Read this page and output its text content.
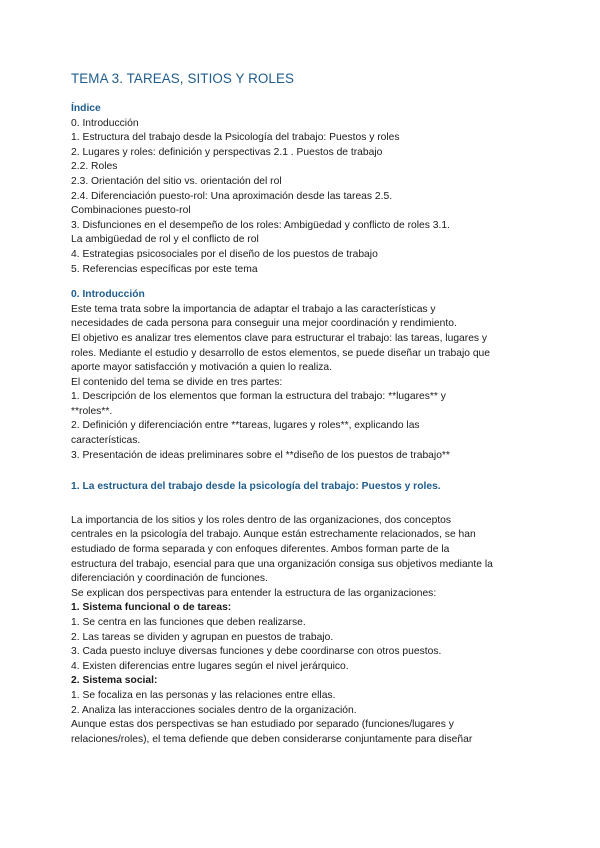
TEMA 3. TAREAS, SITIOS Y ROLES
Índice
0. Introducción
1. Estructura del trabajo desde la Psicología del trabajo: Puestos y roles
2. Lugares y roles: definición y perspectivas 2.1 . Puestos de trabajo
2.2. Roles
2.3. Orientación del sitio vs. orientación del rol
2.4. Diferenciación puesto-rol: Una aproximación desde las tareas 2.5.
Combinaciones puesto-rol
3. Disfunciones en el desempeño de los roles: Ambigüedad y conflicto de roles 3.1.
La ambigüedad de rol y el conflicto de rol
4. Estrategias psicosociales por el diseño de los puestos de trabajo
5. Referencias específicas por este tema
0. Introducción
Este tema trata sobre la importancia de adaptar el trabajo a las características y
necesidades de cada persona para conseguir una mejor coordinación y rendimiento.
El objetivo es analizar tres elementos clave para estructurar el trabajo: las tareas, lugares y
roles. Mediante el estudio y desarrollo de estos elementos, se puede diseñar un trabajo que
aporte mayor satisfacción y motivación a quien lo realiza.
El contenido del tema se divide en tres partes:
1. Descripción de los elementos que forman la estructura del trabajo: **lugares** y
**roles**.
2. Definición y diferenciación entre **tareas, lugares y roles**, explicando las
características.
3. Presentación de ideas preliminares sobre el **diseño de los puestos de trabajo**
1. La estructura del trabajo desde la psicología del trabajo: Puestos y roles.
La importancia de los sitios y los roles dentro de las organizaciones, dos conceptos
centrales en la psicología del trabajo. Aunque están estrechamente relacionados, se han
estudiado de forma separada y con enfoques diferentes. Ambos forman parte de la
estructura del trabajo, esencial para que una organización consiga sus objetivos mediante la
diferenciación y coordinación de funciones.
Se explican dos perspectivas para entender la estructura de las organizaciones:
1. Sistema funcional o de tareas:
1. Se centra en las funciones que deben realizarse.
2. Las tareas se dividen y agrupan en puestos de trabajo.
3. Cada puesto incluye diversas funciones y debe coordinarse con otros puestos.
4. Existen diferencias entre lugares según el nivel jerárquico.
2. Sistema social:
1. Se focaliza en las personas y las relaciones entre ellas.
2. Analiza las interacciones sociales dentro de la organización.
Aunque estas dos perspectivas se han estudiado por separado (funciones/lugares y
relaciones/roles), el tema defiende que deben considerarse conjuntamente para diseñar
